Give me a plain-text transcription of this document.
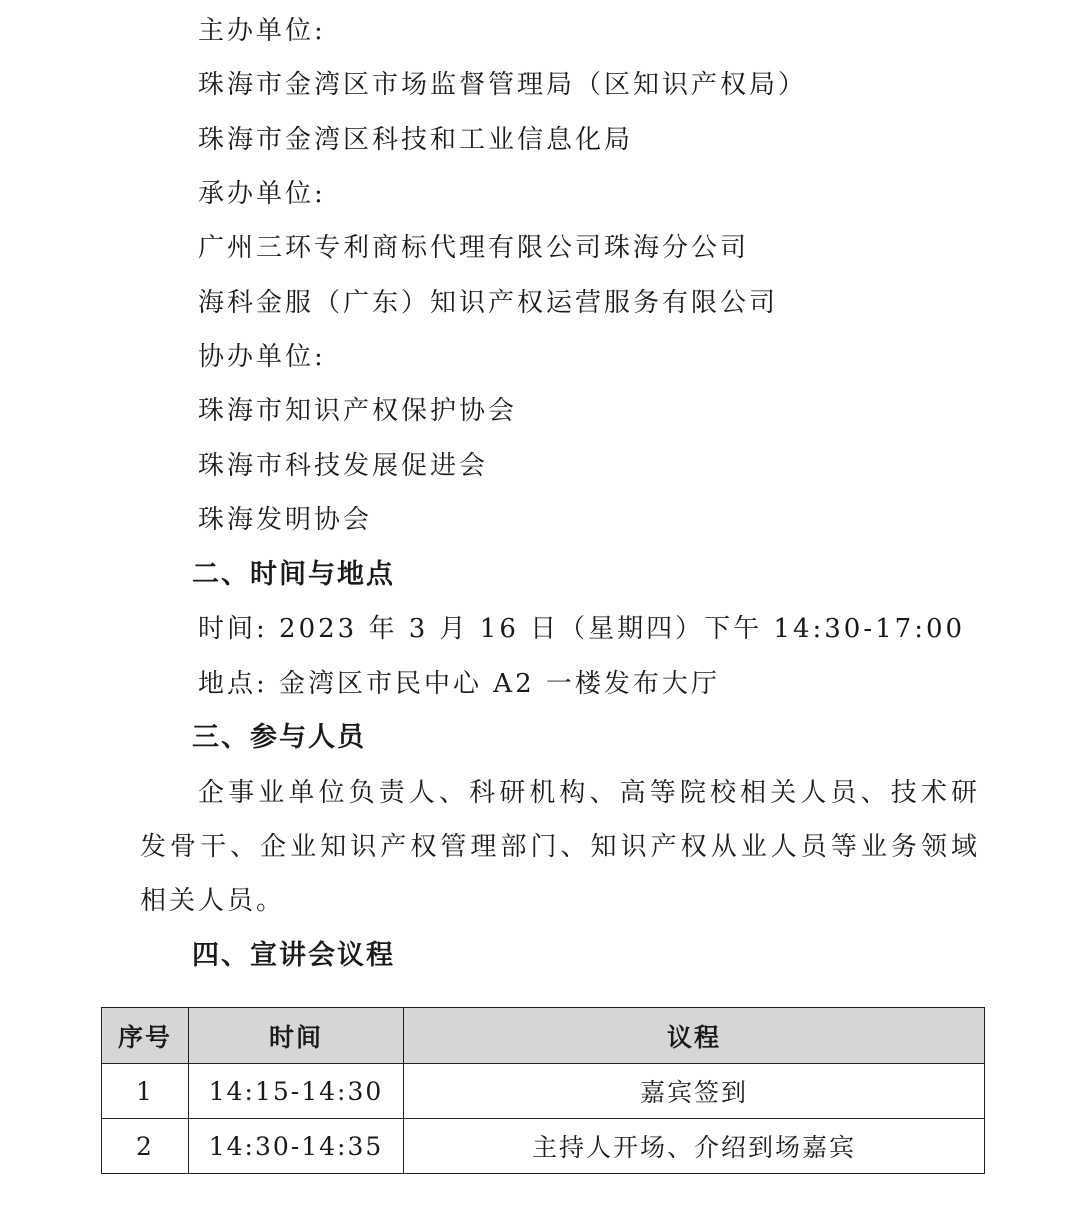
主办单位:
珠海市金湾区市场监督管理局（区知识产权局）
珠海市金湾区科技和工业信息化局
承办单位:
广州三环专利商标代理有限公司珠海分公司
海科金服（广东）知识产权运营服务有限公司
协办单位:
珠海市知识产权保护协会
珠海市科技发展促进会
珠海发明协会
二、时间与地点
时间: 2023 年 3 月 16 日（星期四）下午 14:30-17:00
地点: 金湾区市民中心 A2 一楼发布大厅
三、参与人员
企事业单位负责人、科研机构、高等院校相关人员、技术研发骨干、企业知识产权管理部门、知识产权从业人员等业务领域相关人员。
四、宣讲会议程
序号	时间	议程
1	14:15-14:30	嘉宾签到
2	14:30-14:35	主持人开场、介绍到场嘉宾
